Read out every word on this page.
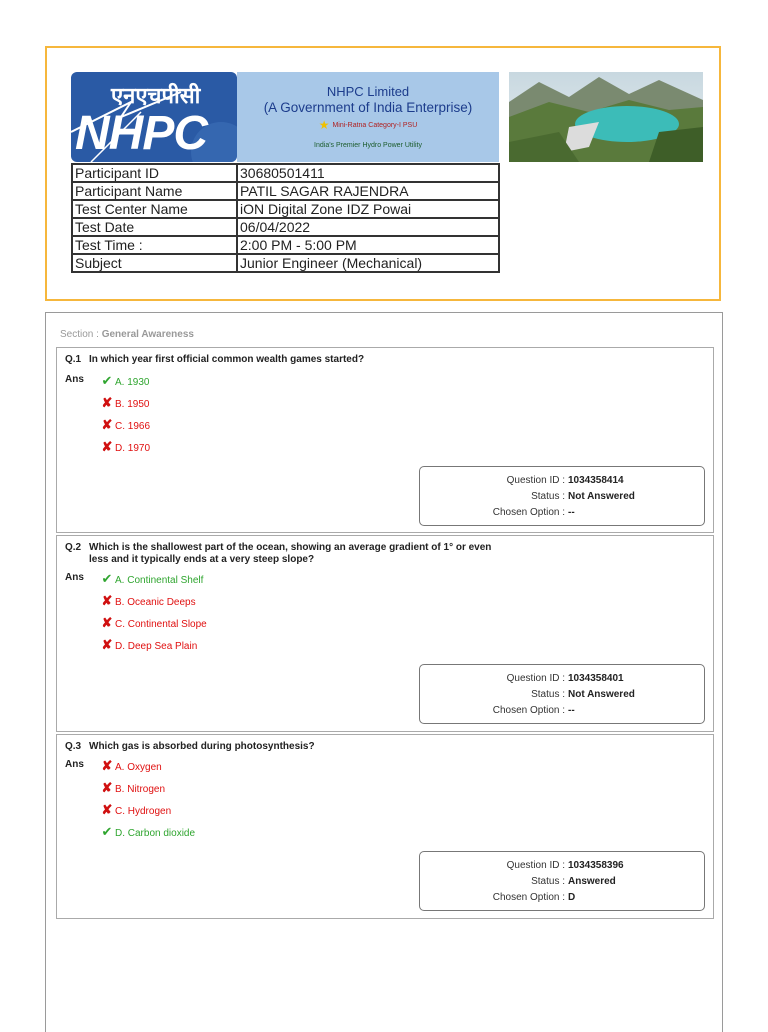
एनएचपीसी
NHPC
NHPC Limited
(A Government of India Enterprise)
★ Mini-Ratna Category-I PSU
India's Premier Hydro Power Utility
Participant ID	30680501411
Participant Name	PATIL SAGAR RAJENDRA
Test Center Name	iON Digital Zone IDZ Powai
Test Date	06/04/2022
Test Time :	2:00 PM - 5:00 PM
Subject	Junior Engineer (Mechanical)
Section : General Awareness
Q.1 In which year first official common wealth games started?
Ans ✔ A. 1930
✘ B. 1950
✘ C. 1966
✘ D. 1970
Question ID : 1034358414
Status : Not Answered
Chosen Option : --
Q.2 Which is the shallowest part of the ocean, showing an average gradient of 1° or even less and it typically ends at a very steep slope?
Ans ✔ A. Continental Shelf
✘ B. Oceanic Deeps
✘ C. Continental Slope
✘ D. Deep Sea Plain
Question ID : 1034358401
Status : Not Answered
Chosen Option : --
Q.3 Which gas is absorbed during photosynthesis?
Ans ✘ A. Oxygen
✘ B. Nitrogen
✘ C. Hydrogen
✔ D. Carbon dioxide
Question ID : 1034358396
Status : Answered
Chosen Option : D
